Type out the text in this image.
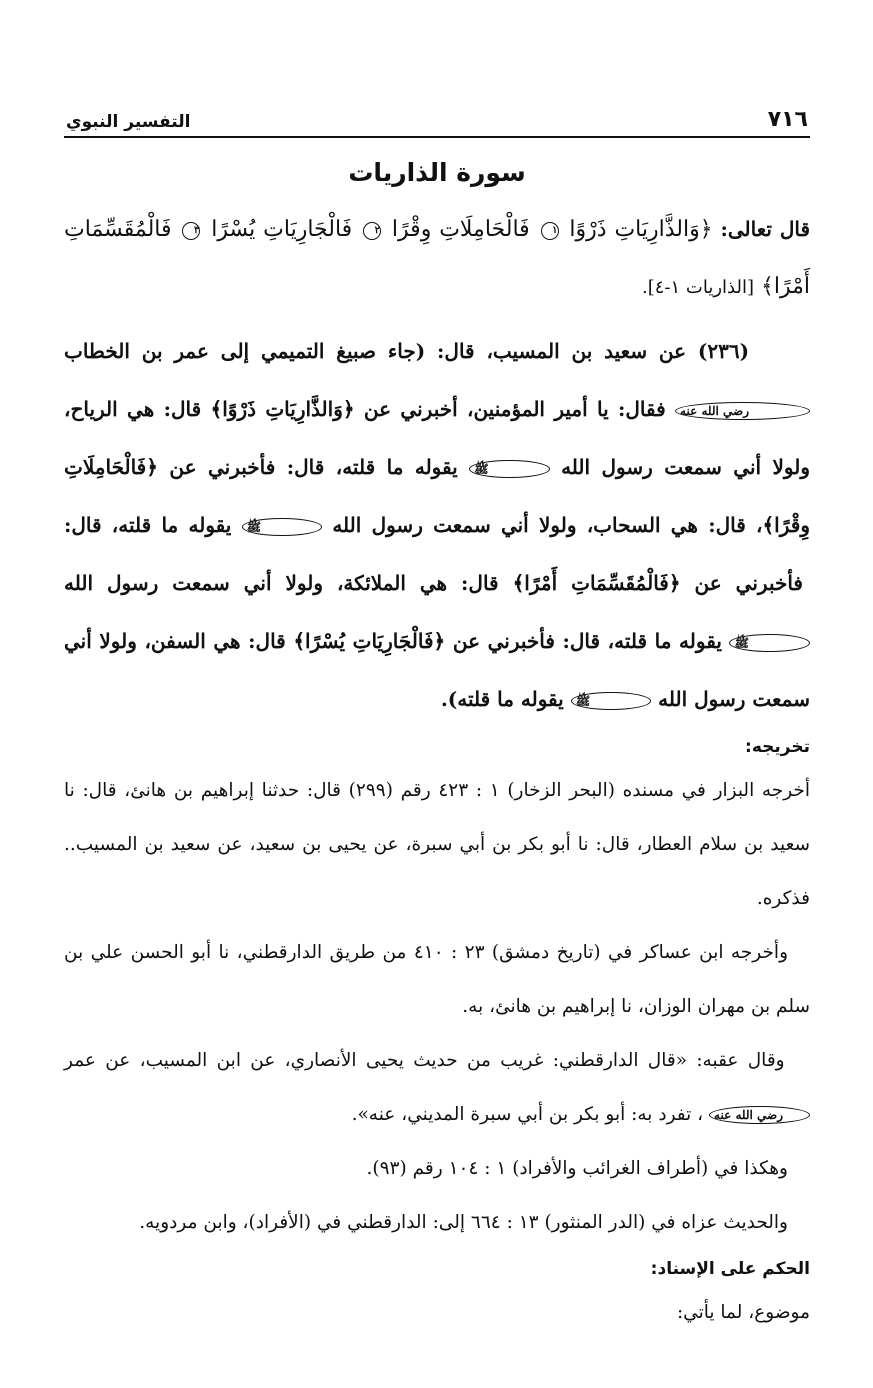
٧١٦
التفسير النبوي
سورة الذاريات

قال تعالى: ﴿وَالذَّارِيَاتِ ذَرْوًا ١ فَالْحَامِلَاتِ وِقْرًا ٢ فَالْجَارِيَاتِ يُسْرًا ٣ فَالْمُقَسِّمَاتِ أَمْرًا﴾ [الذاريات ١-٤].

(٢٣٦) عن سعيد بن المسيب، قال: (جاء صبيغ التميمي إلى عمر بن الخطاب رضي الله عنه فقال: يا أمير المؤمنين، أخبرني عن ﴿وَالذَّارِيَاتِ ذَرْوًا﴾ قال: هي الرياح، ولولا أني سمعت رسول الله ﷺ يقوله ما قلته، قال: فأخبرني عن ﴿فَالْحَامِلَاتِ وِقْرًا﴾، قال: هي السحاب، ولولا أني سمعت رسول الله ﷺ يقوله ما قلته، قال: فأخبرني عن ﴿فَالْمُقَسِّمَاتِ أَمْرًا﴾ قال: هي الملائكة، ولولا أني سمعت رسول الله ﷺ يقوله ما قلته، قال: فأخبرني عن ﴿فَالْجَارِيَاتِ يُسْرًا﴾ قال: هي السفن، ولولا أني سمعت رسول الله ﷺ يقوله ما قلته).

تخريجه:

أخرجه البزار في مسنده (البحر الزخار) ١ : ٤٢٣ رقم (٢٩٩) قال: حدثنا إبراهيم بن هانئ، قال: نا سعيد بن سلام العطار، قال: نا أبو بكر بن أبي سبرة، عن يحيى بن سعيد، عن سعيد بن المسيب.. فذكره.

وأخرجه ابن عساكر في (تاريخ دمشق) ٢٣ : ٤١٠ من طريق الدارقطني، نا أبو الحسن علي بن سلم بن مهران الوزان، نا إبراهيم بن هانئ، به.

وقال عقبه: «قال الدارقطني: غريب من حديث يحيى الأنصاري، عن ابن المسيب، عن عمر رضي الله عنه ، تفرد به: أبو بكر بن أبي سبرة المديني، عنه».

وهكذا في (أطراف الغرائب والأفراد) ١ : ١٠٤ رقم (٩٣).

والحديث عزاه في (الدر المنثور) ١٣ : ٦٦٤ إلى: الدارقطني في (الأفراد)، وابن مردويه.

الحكم على الإسناد:

موضوع، لما يأتي:
